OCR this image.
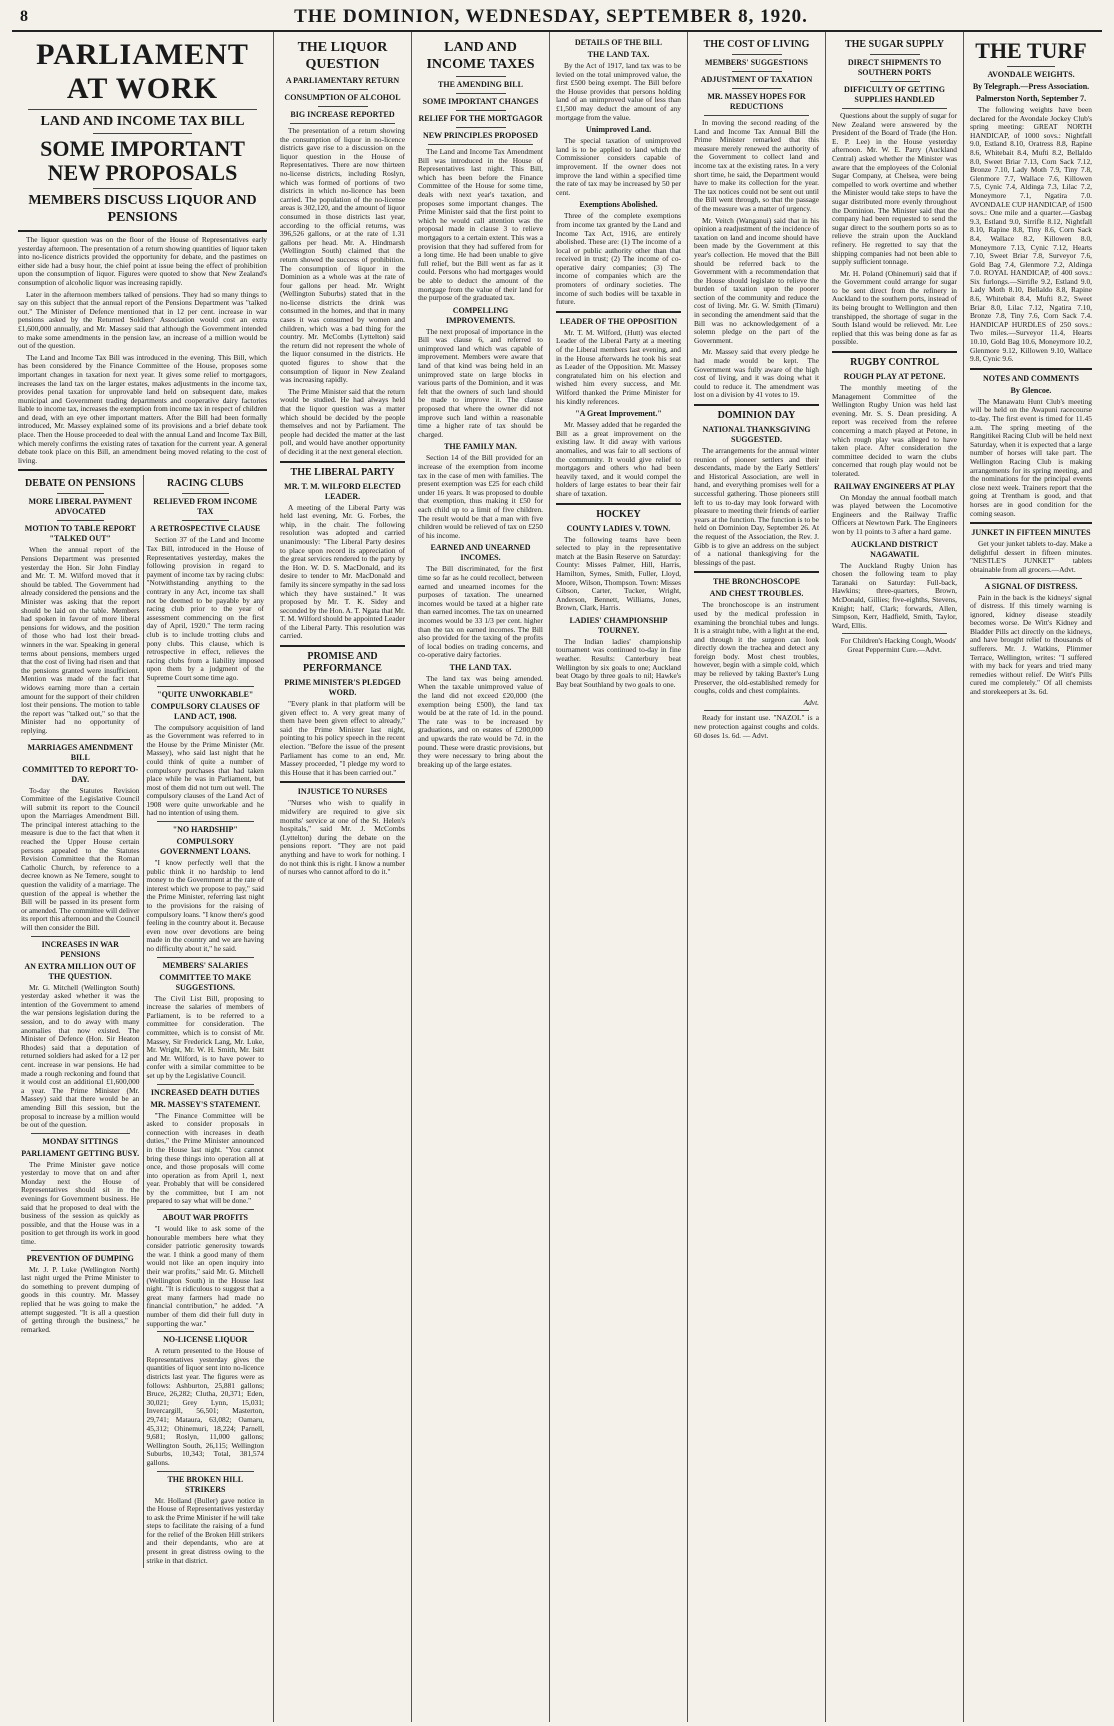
8	THE DOMINION, WEDNESDAY, SEPTEMBER 8, 1920.
PARLIAMENT AT WORK
LAND AND INCOME TAX BILL
SOME IMPORTANT NEW PROPOSALS
MEMBERS DISCUSS LIQUOR AND PENSIONS

The liquor question was on the floor of the House of Representatives early yesterday afternoon. The presentation of a return showing quantities of liquor taken into no-licence districts provided the opportunity for debate, and the pastimes on either side had a busy hour, the chief point at issue being the effect of prohibition upon the consumption of liquor. Figures were quoted to show that New Zealand's consumption of alcoholic liquor was increasing rapidly.

Later in the afternoon members talked of pensions. They had so many things to say on this subject that the annual report of the Pensions Department was "talked out." The Minister of Defence mentioned that in 12 per cent. increase in war pensions asked by the Returned Soldiers' Association would cost an extra £1,600,000 annually, and Mr. Massey said that although the Government intended to make some amendments in the pension law, an increase of a million would be out of the question.

The Land and Income Tax Bill was introduced in the evening. This Bill, which has been considered by the Finance Committee of the House, proposes some important changes in taxation for next year. It gives some relief to mortgagors, increases the land tax on the larger estates, makes adjustments in the income tax, provides penal taxation for unprovable land held on subsequent date, makes municipal and Government trading departments and cooperative dairy factories liable to income tax, increases the exemption from income tax in respect of children and dead, with an eye other important matters. After the Bill had been formally introduced, Mr. Massey explained some of its provisions and a brief debate took place. Then the House proceeded to deal with the annual Land and Income Tax Bill, which merely confirms the existing rates of taxation for the current year. A general debate took place on this Bill, an amendment being moved relating to the cost of living.

DEBATE ON PENSIONS
MORE LIBERAL PAYMENT ADVOCATED
MOTION TO TABLE REPORT "TALKED OUT"

When the annual report of the Pensions Department was presented yesterday the Hon. Sir John Findlay and Mr. T. M. Wilford moved that it should be tabled. The Government had already considered the pensions and the Minister was asking that the report should be laid on the table. Members had spoken in favour of more liberal pensions for widows, and the position of those who had lost their bread-winners in the war. Speaking in general terms about pensions, members urged that the cost of living had risen and that the pensions granted were insufficient. Mention was made of the fact that widows earning more than a certain amount for the support of their children lost their pensions. The motion to table the report was "talked out," so that the Minister had no opportunity of replying.

MARRIAGES AMENDMENT BILL
COMMITTED TO REPORT TO-DAY.

To-day the Statutes Revision Committee of the Legislative Council will submit its report to the Council upon the Marriages Amendment Bill. The principal interest attaching to the measure is due to the fact that when it reached the Upper House certain persons appealed to the Statutes Revision Committee that the Roman Catholic Church, by reference to a decree known as Ne Temere, sought to question the validity of a marriage. The question of the appeal is whether the Bill will be passed in its present form or amended. The committee will deliver its report this afternoon and the Council will then consider the Bill.

INCREASES IN WAR PENSIONS
AN EXTRA MILLION OUT OF THE QUESTION.

Mr. G. Mitchell (Wellington South) yesterday asked whether it was the intention of the Government to amend the war pensions legislation during the session, and to do away with many anomalies that now existed. The Minister of Defence (Hon. Sir Heaton Rhodes) said that a deputation of returned soldiers had asked for a 12 per cent. increase in war pensions. He had made a rough reckoning and found that it would cost an additional £1,600,000 a year. The Prime Minister (Mr. Massey) said that there would be an amending Bill this session, but the proposal to increase by a million would be out of the question.

MONDAY SITTINGS
PARLIAMENT GETTING BUSY.

The Prime Minister gave notice yesterday to move that on and after Monday next the House of Representatives should sit in the evenings for Government business. He said that he proposed to deal with the business of the session as quickly as possible, and that the House was in a position to get through its work in good time.

PREVENTION OF DUMPING

Mr. J. P. Luke (Wellington North) last night urged the Prime Minister to do something to prevent dumping of goods in this country. Mr. Massey replied that he was going to make the attempt suggested. "It is all a question of getting through the business," he remarked.

RACING CLUBS
RELIEVED FROM INCOME TAX
A RETROSPECTIVE CLAUSE

Section 37 of the Land and Income Tax Bill, introduced in the House of Representatives yesterday, makes the following provision in regard to payment of income tax by racing clubs: "Notwithstanding anything to the contrary in any Act, income tax shall not be deemed to be payable by any racing club prior to the year of assessment commencing on the first day of April, 1920." The term racing club is to include trotting clubs and pony clubs. This clause, which is retrospective in effect, relieves the racing clubs from a liability imposed upon them by a judgment of the Supreme Court some time ago.

"QUITE UNWORKABLE"
COMPULSORY CLAUSES OF LAND ACT, 1908.

The compulsory acquisition of land as the Government was referred to in the House by the Prime Minister (Mr. Massey), who said last night that he could think of quite a number of compulsory purchases that had taken place while he was in Parliament, but most of them did not turn out well. The compulsory clauses of the Land Act of 1908 were quite unworkable and he had no intention of using them.

"NO HARDSHIP"
COMPULSORY GOVERNMENT LOANS.

"I know perfectly well that the public think it no hardship to lend money to the Government at the rate of interest which we propose to pay," said the Prime Minister, referring last night to the provisions for the raising of compulsory loans. "I know there's good feeling in the country about it. Because even now over devotions are being made in the country and we are having no difficulty about it," he said.

MEMBERS' SALARIES
COMMITTEE TO MAKE SUGGESTIONS.

The Civil List Bill, proposing to increase the salaries of members of Parliament, is to be referred to a committee for consideration. The committee, which is to consist of Mr. Massey, Sir Frederick Lang, Mr. Luke, Mr. Wright, Mr. W. H. Smith, Mr. Isitt and Mr. Wilford, is to have power to confer with a similar committee to be set up by the Legislative Council.

INCREASED DEATH DUTIES
MR. MASSEY'S STATEMENT.

"The Finance Committee will be asked to consider proposals in connection with increases in death duties," the Prime Minister announced in the House last night. "You cannot bring these things into operation all at once, and those proposals will come into operation as from April 1, next year. Probably that will be considered by the committee, but I am not prepared to say what will be done."

ABOUT WAR PROFITS

"I would like to ask some of the honourable members here what they consider patriotic generosity towards the war. I think a good many of them would not like an open inquiry into their war profits," said Mr. G. Mitchell (Wellington South) in the House last night. "It is ridiculous to suggest that a great many farmers had made no financial contribution," he added. "A number of them did their full duty in supporting the war."

NO-LICENSE LIQUOR

A return presented to the House of Representatives yesterday gives the quantities of liquor sent into no-licence districts last year. The figures were as follows: Ashburton, 25,881 gallons; Bruce, 26,282; Clutha, 20,371; Eden, 30,021; Grey Lynn, 15,031; Invercargill, 56,501; Masterton, 29,741; Mataura, 63,082; Oamaru, 45,312; Ohinemuri, 18,224; Parnell, 9,681; Roslyn, 11,000 gallons; Wellington South, 26,115; Wellington Suburbs, 10,343; Total, 381,574 gallons.

THE BROKEN HILL STRIKERS

Mr. Holland (Buller) gave notice in the House of Representatives yesterday to ask the Prime Minister if he will take steps to facilitate the raising of a fund for the relief of the Broken Hill strikers and their dependants, who are at present in great distress owing to the strike in that district.

THE LIQUOR QUESTION
A PARLIAMENTARY RETURN
CONSUMPTION OF ALCOHOL
BIG INCREASE REPORTED

The presentation of a return showing the consumption of liquor in no-licence districts gave rise to a discussion on the liquor question in the House of Representatives. There are now thirteen no-license districts, including Roslyn, which was formed of portions of two districts in which no-licence has been carried. The population of the no-license areas is 302,120, and the amount of liquor consumed in those districts last year, according to the official returns, was 396,526 gallons, or at the rate of 1.31 gallons per head. Mr. A. Hindmarsh (Wellington South) claimed that the return showed the success of prohibition. The consumption of liquor in the Dominion as a whole was at the rate of four gallons per head. Mr. Wright (Wellington Suburbs) stated that in the no-license districts the drink was consumed in the homes, and that in many cases it was consumed by women and children, which was a bad thing for the country. Mr. McCombs (Lyttelton) said the return did not represent the whole of the liquor consumed in the districts. He quoted figures to show that the consumption of liquor in New Zealand was increasing rapidly.

The Prime Minister said that the return would be studied. He had always held that the liquor question was a matter which should be decided by the people themselves and not by Parliament. The people had decided the matter at the last poll, and would have another opportunity of deciding it at the next general election.

THE LIBERAL PARTY
MR. T. M. WILFORD ELECTED LEADER.

A meeting of the Liberal Party was held last evening, Mr. G. Forbes, the whip, in the chair. The following resolution was adopted and carried unanimously: "The Liberal Party desires to place upon record its appreciation of the great services rendered to the party by the Hon. W. D. S. MacDonald, and its desire to tender to Mr. MacDonald and family its sincere sympathy in the sad loss which they have sustained." It was proposed by Mr. T. K. Sidey and seconded by the Hon. A. T. Ngata that Mr. T. M. Wilford should be appointed Leader of the Liberal Party. This resolution was carried.

PROMISE AND PERFORMANCE
PRIME MINISTER'S PLEDGED WORD.

"Every plank in that platform will be given effect to. A very great many of them have been given effect to already," said the Prime Minister last night, pointing to his policy speech in the recent election. "Before the issue of the present Parliament has come to an end, Mr. Massey proceeded, "I pledge my word to this House that it has been carried out."

INJUSTICE TO NURSES

"Nurses who wish to qualify in midwifery are required to give six months' service at one of the St. Helen's hospitals," said Mr. J. McCombs (Lyttelton) during the debate on the pensions report. "They are not paid anything and have to work for nothing. I do not think this is right. I know a number of nurses who cannot afford to do it."

LAND AND INCOME TAXES
THE AMENDING BILL
SOME IMPORTANT CHANGES
RELIEF FOR THE MORTGAGOR
NEW PRINCIPLES PROPOSED

The Land and Income Tax Amendment Bill was introduced in the House of Representatives last night. This Bill, which has been before the Finance Committee of the House for some time, deals with next year's taxation, and proposes some important changes. The Prime Minister said that the first point to which he would call attention was the proposal made in clause 3 to relieve mortgagors to a certain extent. This was a provision that they had suffered from for a long time. He had been unable to give full relief, but the Bill went as far as it could. Persons who had mortgages would be able to deduct the amount of the mortgage from the value of their land for the purpose of the graduated tax.

COMPELLING IMPROVEMENTS.

The next proposal of importance in the Bill was clause 6, and referred to unimproved land which was capable of improvement. Members were aware that land of that kind was being held in an unimproved state on large blocks in various parts of the Dominion, and it was felt that the owners of such land should be made to improve it. The clause proposed that where the owner did not improve such land within a reasonable time a higher rate of tax should be charged.

THE FAMILY MAN.

Section 14 of the Bill provided for an increase of the exemption from income tax in the case of men with families. The present exemption was £25 for each child under 16 years. It was proposed to double that exemption, thus making it £50 for each child up to a limit of five children. The result would be that a man with five children would be relieved of tax on £250 of his income.

EARNED AND UNEARNED INCOMES.

The Bill discriminated, for the first time so far as he could recollect, between earned and unearned incomes for the purposes of taxation. The unearned incomes would be taxed at a higher rate than earned incomes. The tax on unearned incomes would be 33 1/3 per cent. higher than the tax on earned incomes. The Bill also provided for the taxing of the profits of local bodies on trading concerns, and co-operative dairy factories.

THE LAND TAX.

The land tax was being amended. When the taxable unimproved value of the land did not exceed £20,000 (the exemption being £500), the land tax would be at the rate of 1d. in the pound. The rate was to be increased by graduations, and on estates of £200,000 and upwards the rate would be 7d. in the pound. These were drastic provisions, but they were necessary to bring about the breaking up of the large estates.

DETAILS OF THE BILL
THE LAND TAX.

By the Act of 1917, land tax was to be levied on the total unimproved value, the first £500 being exempt. The Bill before the House provides that persons holding land of an unimproved value of less than £1,500 may deduct the amount of any mortgage from the value.

Unimproved Land.

The special taxation of unimproved land is to be applied to land which the Commissioner considers capable of improvement. If the owner does not improve the land within a specified time the rate of tax may be increased by 50 per cent.

Exemptions Abolished.

Three of the complete exemptions from income tax granted by the Land and Income Tax Act, 1916, are entirely abolished. These are: (1) The income of a local or public authority other than that received in trust; (2) The income of co-operative dairy companies; (3) The income of companies which are the promoters of ordinary societies. The income of such bodies will be taxable in future.

LEADER OF THE OPPOSITION

Mr. T. M. Wilford, (Hutt) was elected Leader of the Liberal Party at a meeting of the Liberal members last evening, and in the House afterwards he took his seat as Leader of the Opposition. Mr. Massey congratulated him on his election and wished him every success, and Mr. Wilford thanked the Prime Minister for his kindly references.

"A Great Improvement."

Mr. Massey added that he regarded the Bill as a great improvement on the existing law. It did away with various anomalies, and was fair to all sections of the community. It would give relief to mortgagors and others who had been heavily taxed, and it would compel the holders of large estates to bear their fair share of taxation.

HOCKEY
COUNTY LADIES V. TOWN.

The following teams have been selected to play in the representative match at the Basin Reserve on Saturday: County: Misses Palmer, Hill, Harris, Hamilton, Symes, Smith, Fuller, Lloyd, Moore, Wilson, Thompson. Town: Misses Gibson, Carter, Tucker, Wright, Anderson, Bennett, Williams, Jones, Brown, Clark, Harris.

LADIES' CHAMPIONSHIP TOURNEY.

The Indian ladies' championship tournament was continued to-day in fine weather. Results: Canterbury beat Wellington by six goals to one; Auckland beat Otago by three goals to nil; Hawke's Bay beat Southland by two goals to one.

THE COST OF LIVING
MEMBERS' SUGGESTIONS
ADJUSTMENT OF TAXATION
MR. MASSEY HOPES FOR REDUCTIONS

In moving the second reading of the Land and Income Tax Annual Bill the Prime Minister remarked that this measure merely renewed the authority of the Government to collect land and income tax at the existing rates. In a very short time, he said, the Department would have to make its collection for the year. The tax notices could not be sent out until the Bill went through, so that the passage of the measure was a matter of urgency.

Mr. Veitch (Wanganui) said that in his opinion a readjustment of the incidence of taxation on land and income should have been made by the Government at this year's collection. He moved that the Bill should be referred back to the Government with a recommendation that the House should legislate to relieve the burden of taxation upon the poorer section of the community and reduce the cost of living. Mr. G. W. Smith (Timaru) in seconding the amendment said that the Bill was no acknowledgement of a solemn pledge on the part of the Government.

Mr. Massey said that every pledge he had made would be kept. The Government was fully aware of the high cost of living, and it was doing what it could to reduce it. The amendment was lost on a division by 41 votes to 19.

DOMINION DAY
NATIONAL THANKSGIVING SUGGESTED.

The arrangements for the annual winter reunion of pioneer settlers and their descendants, made by the Early Settlers' and Historical Association, are well in hand, and everything promises well for a successful gathering. Those pioneers still left to us to-day may look forward with pleasure to meeting their friends of earlier years at the function. The function is to be held on Dominion Day, September 26. At the request of the Association, the Rev. J. Gibb is to give an address on the subject of a national thanksgiving for the blessings of the past.

THE BRONCHOSCOPE
AND CHEST TROUBLES.

The bronchoscope is an instrument used by the medical profession in examining the bronchial tubes and lungs. It is a straight tube, with a light at the end, and through it the surgeon can look directly down the trachea and detect any foreign body. Most chest troubles, however, begin with a simple cold, which may be relieved by taking Baxter's Lung Preserver, the old-established remedy for coughs, colds and chest complaints.

Advt.

Ready for instant use. "NAZOL" is a new protection against coughs and colds. 60 doses 1s. 6d. — Advt.

THE SUGAR SUPPLY
DIRECT SHIPMENTS TO SOUTHERN PORTS
DIFFICULTY OF GETTING SUPPLIES HANDLED

Questions about the supply of sugar for New Zealand were answered by the President of the Board of Trade (the Hon. E. P. Lee) in the House yesterday afternoon. Mr. W. E. Parry (Auckland Central) asked whether the Minister was aware that the employees of the Colonial Sugar Company, at Chelsea, were being compelled to work overtime and whether the Minister would take steps to have the sugar distributed more evenly throughout the Dominion. The Minister said that the company had been requested to send the sugar direct to the southern ports so as to relieve the strain upon the Auckland refinery. He regretted to say that the shipping companies had not been able to supply sufficient tonnage.

Mr. H. Poland (Ohinemuri) said that if the Government could arrange for sugar to be sent direct from the refinery in Auckland to the southern ports, instead of its being brought to Wellington and then transhipped, the shortage of sugar in the South Island would be relieved. Mr. Lee replied that this was being done as far as possible.

RUGBY CONTROL
ROUGH PLAY AT PETONE.

The monthly meeting of the Management Committee of the Wellington Rugby Union was held last evening. Mr. S. S. Dean presiding. A report was received from the referee concerning a match played at Petone, in which rough play was alleged to have taken place. After consideration the committee decided to warn the clubs concerned that rough play would not be tolerated.

RAILWAY ENGINEERS AT PLAY

On Monday the annual football match was played between the Locomotive Engineers and the Railway Traffic Officers at Newtown Park. The Engineers won by 11 points to 3 after a hard game.

AUCKLAND DISTRICT NAGAWATIL

The Auckland Rugby Union has chosen the following team to play Taranaki on Saturday: Full-back, Hawkins; three-quarters, Brown, McDonald, Gillies; five-eighths, Stevens, Knight; half, Clark; forwards, Allen, Simpson, Kerr, Hadfield, Smith, Taylor, Ward, Ellis.

For Children's Hacking Cough, Woods' Great Peppermint Cure.—Advt.

THE TURF
AVONDALE WEIGHTS.
By Telegraph.—Press Association.
Palmerston North, September 7.

The following weights have been declared for the Avondale Jockey Club's spring meeting: GREAT NORTH HANDICAP, of 1000 sovs.: Nightfall 9.0, Estland 8.10, Oratress 8.8, Rapine 8.6, Whitebait 8.4, Mufti 8.2, Bellaldo 8.0, Sweet Briar 7.13, Corn Sack 7.12, Bronze 7.10, Lady Moth 7.9, Tiny 7.8, Glenmore 7.7, Wallace 7.6, Killowen 7.5, Cynic 7.4, Aldinga 7.3, Lilac 7.2, Moneymore 7.1, Ngatira 7.0. AVONDALE CUP HANDICAP, of 1500 sovs.: One mile and a quarter.—Gasbag 9.3, Estland 9.0, Sirrifle 8.12, Nightfall 8.10, Rapine 8.8, Tiny 8.6, Corn Sack 8.4, Wallace 8.2, Killowen 8.0, Moneymore 7.13, Cynic 7.12, Hearts 7.10, Sweet Briar 7.8, Surveyor 7.6, Gold Bag 7.4, Glenmore 7.2, Aldinga 7.0. ROYAL HANDICAP, of 400 sovs.: Six furlongs.—Sirrifle 9.2, Estland 9.0, Lady Moth 8.10, Bellaldo 8.8, Rapine 8.6, Whitebait 8.4, Mufti 8.2, Sweet Briar 8.0, Lilac 7.12, Ngatira 7.10, Bronze 7.8, Tiny 7.6, Corn Sack 7.4. HANDICAP HURDLES of 250 sovs.: Two miles.—Surveyor 11.4, Hearts 10.10, Gold Bag 10.6, Moneymore 10.2, Glenmore 9.12, Killowen 9.10, Wallace 9.8, Cynic 9.6.

NOTES AND COMMENTS
By Glencoe.

The Manawatu Hunt Club's meeting will be held on the Awapuni racecourse to-day. The first event is timed for 11.45 a.m. The spring meeting of the Rangitikei Racing Club will be held next Saturday, when it is expected that a large number of horses will take part. The Wellington Racing Club is making arrangements for its spring meeting, and the nominations for the principal events close next week. Trainers report that the going at Trentham is good, and that horses are in good condition for the coming season.

JUNKET IN FIFTEEN MINUTES

Get your junket tablets to-day. Make a delightful dessert in fifteen minutes. "NESTLE'S JUNKET" tablets obtainable from all grocers.—Advt.

A SIGNAL OF DISTRESS.

Pain in the back is the kidneys' signal of distress. If this timely warning is ignored, kidney disease steadily becomes worse. De Witt's Kidney and Bladder Pills act directly on the kidneys, and have brought relief to thousands of sufferers. Mr. J. Watkins, Plimmer Terrace, Wellington, writes: "I suffered with my back for years and tried many remedies without relief. De Witt's Pills cured me completely." Of all chemists and storekeepers at 3s. 6d.
